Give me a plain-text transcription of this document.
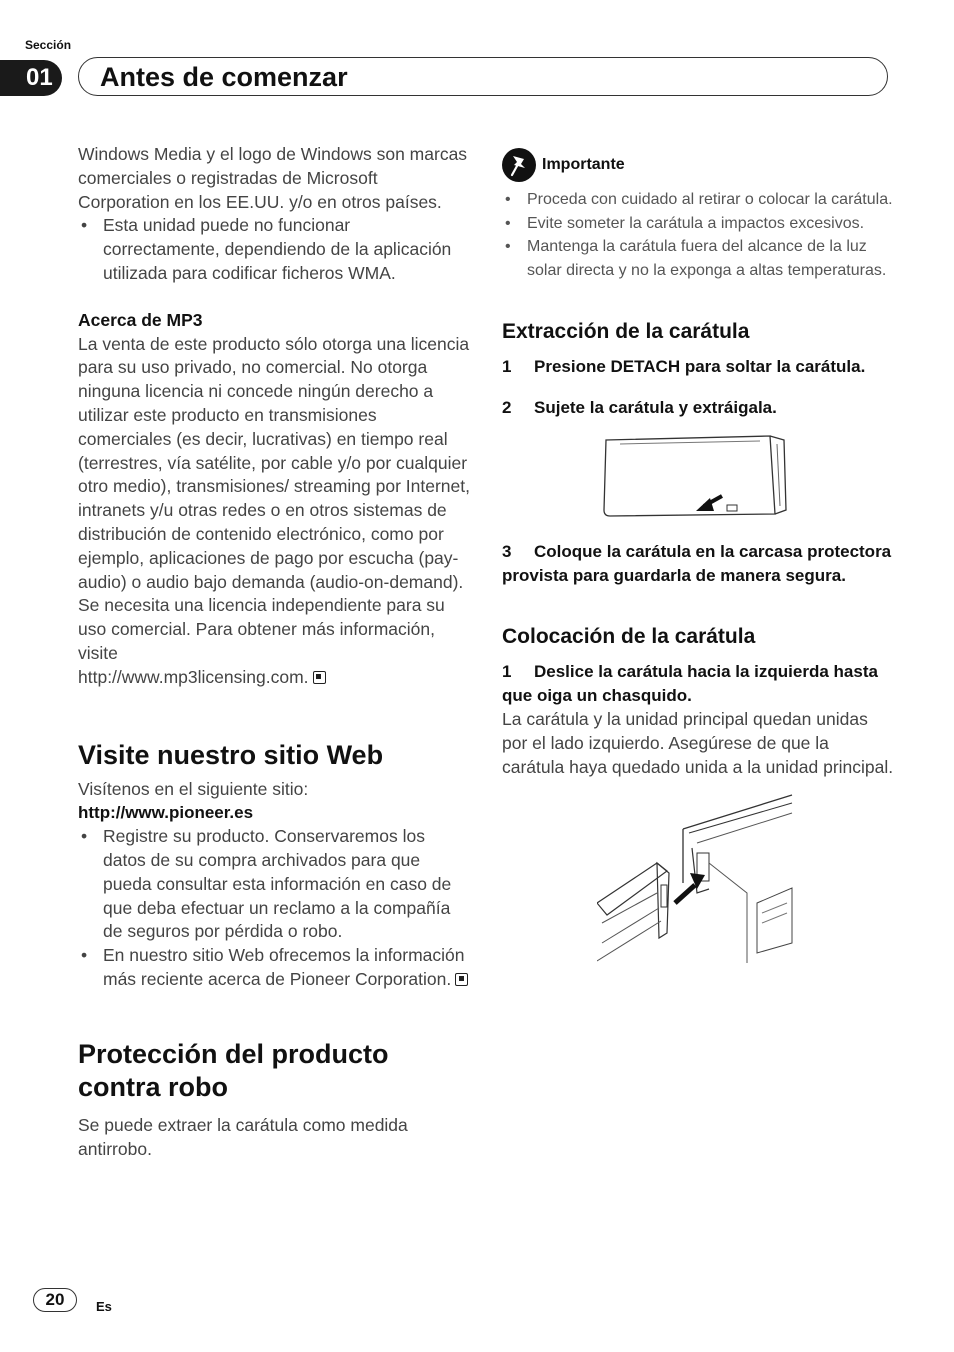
Sección
01	Antes de comenzar

Windows Media y el logo de Windows son marcas comerciales o registradas de Microsoft Corporation en los EE.UU. y/o en otros países.

• Esta unidad puede no funcionar correctamente, dependiendo de la aplicación utilizada para codificar ficheros WMA.

Acerca de MP3

La venta de este producto sólo otorga una licencia para su uso privado, no comercial. No otorga ninguna licencia ni concede ningún derecho a utilizar este producto en transmisiones comerciales (es decir, lucrativas) en tiempo real (terrestres, vía satélite, por cable y/o por cualquier otro medio), transmisiones/ streaming por Internet, intranets y/u otras redes o en otros sistemas de distribución de contenido electrónico, como por ejemplo, aplicaciones de pago por escucha (pay-audio) o audio bajo demanda (audio-on-demand). Se necesita una licencia independiente para su uso comercial. Para obtener más información, visite

http://www.mp3licensing.com.

Visite nuestro sitio Web

Visítenos en el siguiente sitio:

http://www.pioneer.es

• Registre su producto. Conservaremos los datos de su compra archivados para que pueda consultar esta información en caso de que deba efectuar un reclamo a la compañía de seguros por pérdida o robo.
• En nuestro sitio Web ofrecemos la información más reciente acerca de Pioneer Corporation.
Protección del producto contra robo

Se puede extraer la carátula como medida antirrobo.

Importante
• Proceda con cuidado al retirar o colocar la carátula.
• Evite someter la carátula a impactos excesivos.
• Mantenga la carátula fuera del alcance de la luz solar directa y no la exponga a altas temperaturas.
Extracción de la carátula

1 Presione DETACH para soltar la carátula.

2 Sujete la carátula y extráigala.

3 Coloque la carátula en la carcasa protectora provista para guardarla de manera segura.

Colocación de la carátula

1 Deslice la carátula hacia la izquierda hasta que oiga un chasquido.

La carátula y la unidad principal quedan unidas por el lado izquierdo. Asegúrese de que la carátula haya quedado unida a la unidad principal.

20	Es
